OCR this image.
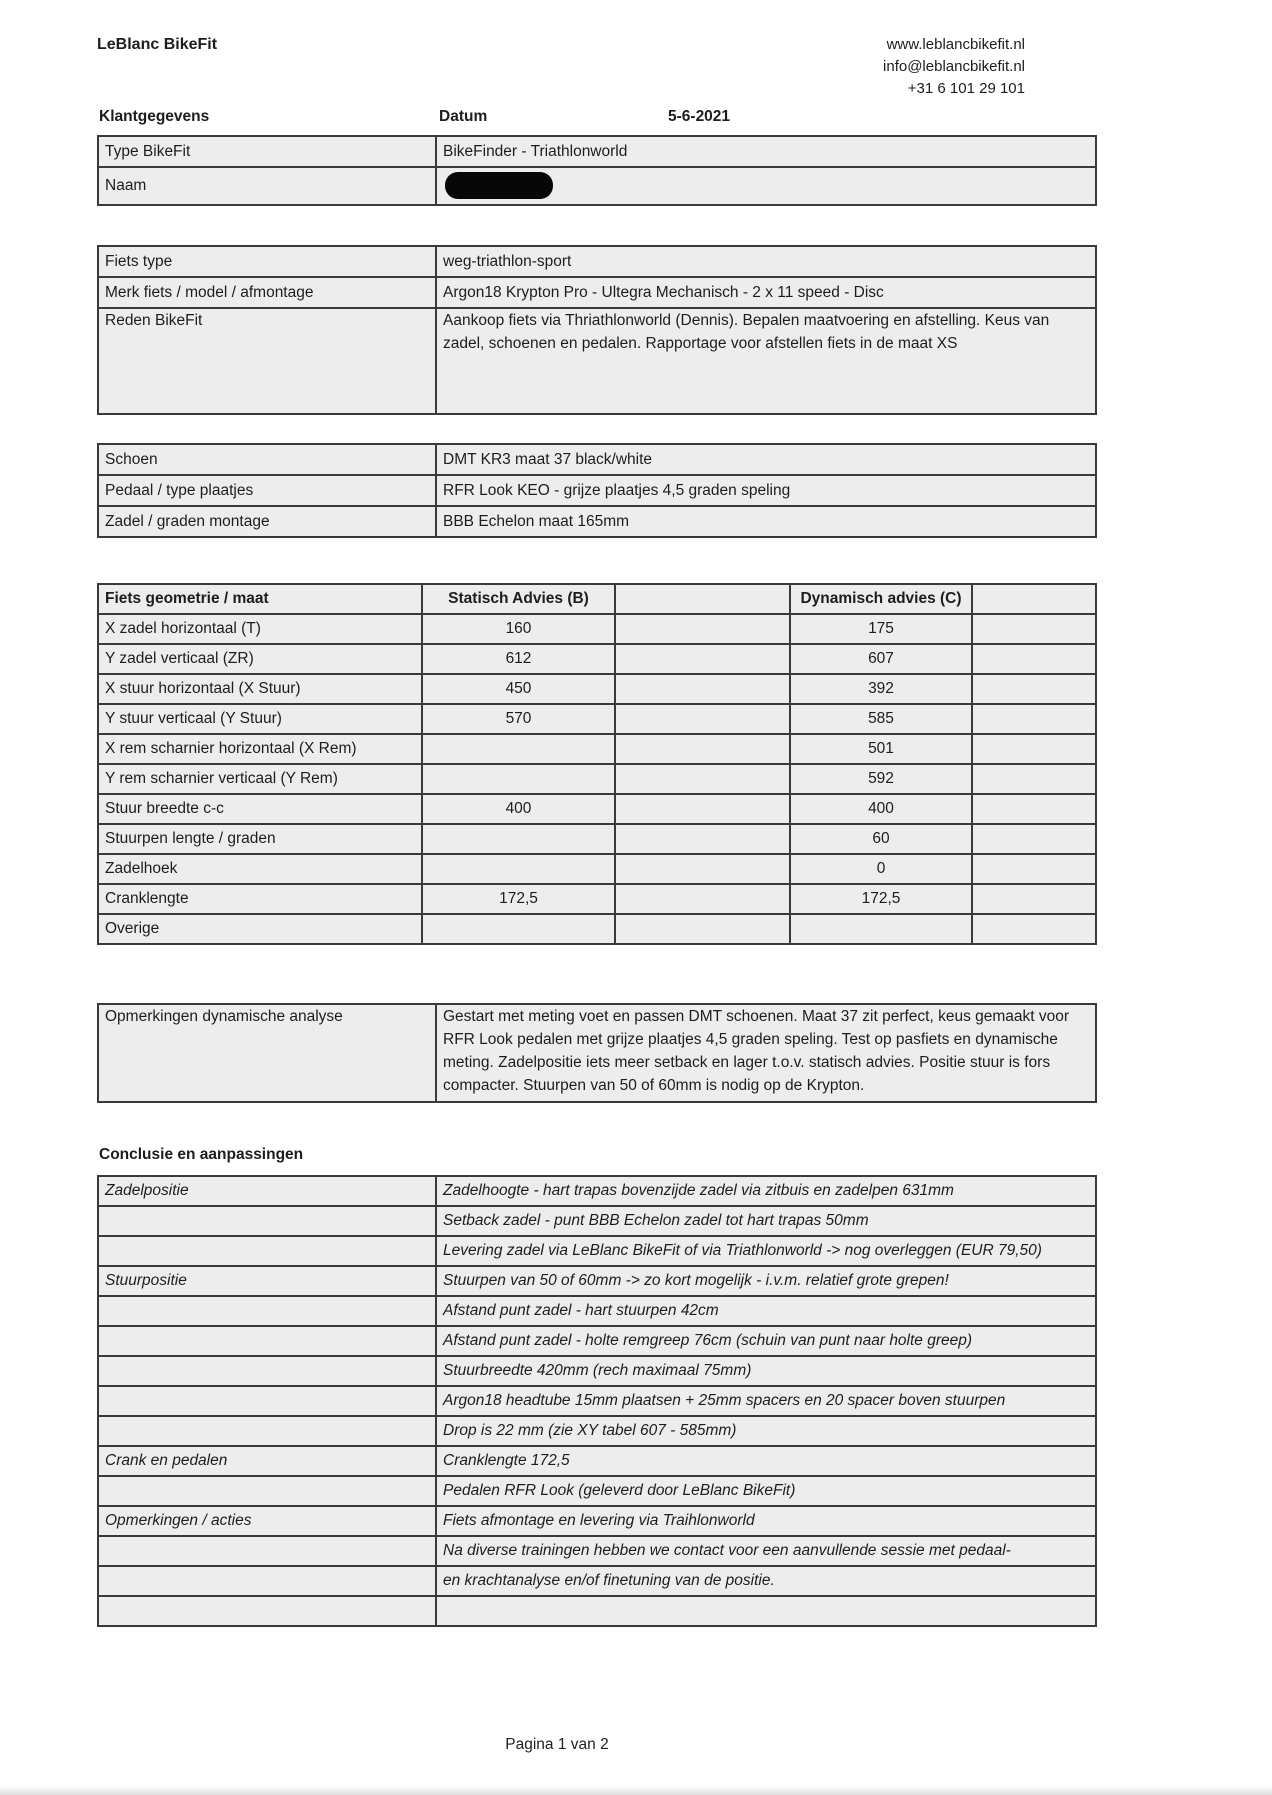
LeBlanc BikeFit	www.leblancbikefit.nl
info@leblancbikefit.nl
+31 6 101 29 101
Klantgegevens	Datum	5-6-2021
Type BikeFit	BikeFinder - Triathlonworld
Naam	
Fiets type	weg-triathlon-sport
Merk fiets / model / afmontage	Argon18 Krypton Pro - Ultegra Mechanisch - 2 x 11 speed - Disc
Reden BikeFit	Aankoop fiets via Thriathlonworld (Dennis). Bepalen maatvoering en afstelling. Keus van zadel, schoenen en pedalen. Rapportage voor afstellen fiets in de maat XS
Schoen	DMT KR3 maat 37 black/white
Pedaal / type plaatjes	RFR Look KEO - grijze plaatjes 4,5 graden speling
Zadel / graden montage	BBB Echelon maat 165mm
Fiets geometrie / maat	Statisch Advies (B)		Dynamisch advies (C)	
X zadel horizontaal (T)	160		175	
Y zadel verticaal (ZR)	612		607	
X stuur horizontaal (X Stuur)	450		392	
Y stuur verticaal (Y Stuur)	570		585	
X rem scharnier horizontaal (X Rem)			501	
Y rem scharnier verticaal (Y Rem)			592	
Stuur breedte c-c	400		400	
Stuurpen lengte / graden			60	
Zadelhoek			0	
Cranklengte	172,5		172,5	
Overige				
Opmerkingen dynamische analyse	Gestart met meting voet en passen DMT schoenen. Maat 37 zit perfect, keus gemaakt voor RFR Look pedalen met grijze plaatjes 4,5 graden speling. Test op pasfiets en dynamische meting. Zadelpositie iets meer setback en lager t.o.v. statisch advies. Positie stuur is fors compacter. Stuurpen van 50 of 60mm is nodig op de Krypton.
Conclusie en aanpassingen
Zadelpositie	Zadelhoogte - hart trapas bovenzijde zadel via zitbuis en zadelpen 631mm
	Setback zadel - punt BBB Echelon zadel tot hart trapas 50mm
	Levering zadel via LeBlanc BikeFit of via Triathlonworld -> nog overleggen (EUR 79,50)
Stuurpositie	Stuurpen van 50 of 60mm -> zo kort mogelijk - i.v.m. relatief grote grepen!
	Afstand punt zadel - hart stuurpen 42cm
	Afstand punt zadel - holte remgreep 76cm (schuin van punt naar holte greep)
	Stuurbreedte 420mm (rech maximaal 75mm)
	Argon18 headtube 15mm plaatsen + 25mm spacers en 20 spacer boven stuurpen
	Drop is 22 mm (zie XY tabel 607 - 585mm)
Crank en pedalen	Cranklengte 172,5
	Pedalen RFR Look (geleverd door LeBlanc BikeFit)
Opmerkingen / acties	Fiets afmontage en levering via Traihlonworld
	Na diverse trainingen hebben we contact voor een aanvullende sessie met pedaal-
	en krachtanalyse en/of finetuning van de positie.

Pagina 1 van 2
